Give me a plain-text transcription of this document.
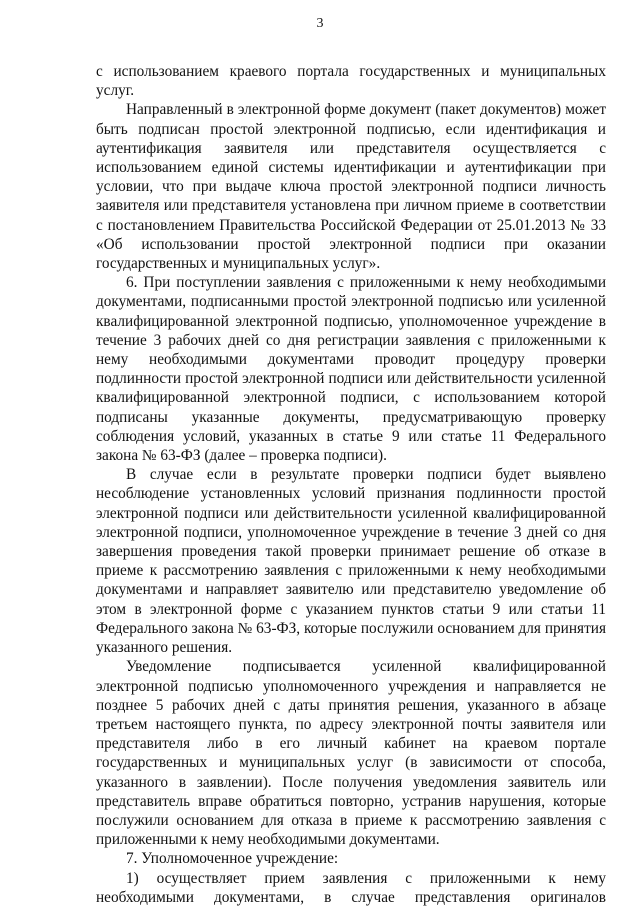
3

с использованием краевого портала государственных и муниципальных услуг.

Направленный в электронной форме документ (пакет документов) может быть подписан простой электронной подписью, если идентификация и аутентификация заявителя или представителя осуществляется с использованием единой системы идентификации и аутентификации при условии, что при выдаче ключа простой электронной подписи личность заявителя или представителя установлена при личном приеме в соответствии с постановлением Правительства Российской Федерации от 25.01.2013 № 33 «Об использовании простой электронной подписи при оказании государственных и муниципальных услуг».

6. При поступлении заявления с приложенными к нему необходимыми документами, подписанными простой электронной подписью или усиленной квалифицированной электронной подписью, уполномоченное учреждение в течение 3 рабочих дней со дня регистрации заявления с приложенными к нему необходимыми документами проводит процедуру проверки подлинности простой электронной подписи или действительности усиленной квалифицированной электронной подписи, с использованием которой подписаны указанные документы, предусматривающую проверку соблюдения условий, указанных в статье 9 или статье 11 Федерального закона № 63-ФЗ (далее – проверка подписи).

В случае если в результате проверки подписи будет выявлено несоблюдение установленных условий признания подлинности простой электронной подписи или действительности усиленной квалифицированной электронной подписи, уполномоченное учреждение в течение 3 дней со дня завершения проведения такой проверки принимает решение об отказе в приеме к рассмотрению заявления с приложенными к нему необходимыми документами и направляет заявителю или представителю уведомление об этом в электронной форме с указанием пунктов статьи 9 или статьи 11 Федерального закона № 63-ФЗ, которые послужили основанием для принятия указанного решения.

Уведомление подписывается усиленной квалифицированной электронной подписью уполномоченного учреждения и направляется не позднее 5 рабочих дней с даты принятия решения, указанного в абзаце третьем настоящего пункта, по адресу электронной почты заявителя или представителя либо в его личный кабинет на краевом портале государственных и муниципальных услуг (в зависимости от способа, указанного в заявлении). После получения уведомления заявитель или представитель вправе обратиться повторно, устранив нарушения, которые послужили основанием для отказа в приеме к рассмотрению заявления с приложенными к нему необходимыми документами.

7. Уполномоченное учреждение:

1) осуществляет прием заявления с приложенными к нему необходимыми документами, в случае представления оригиналов
